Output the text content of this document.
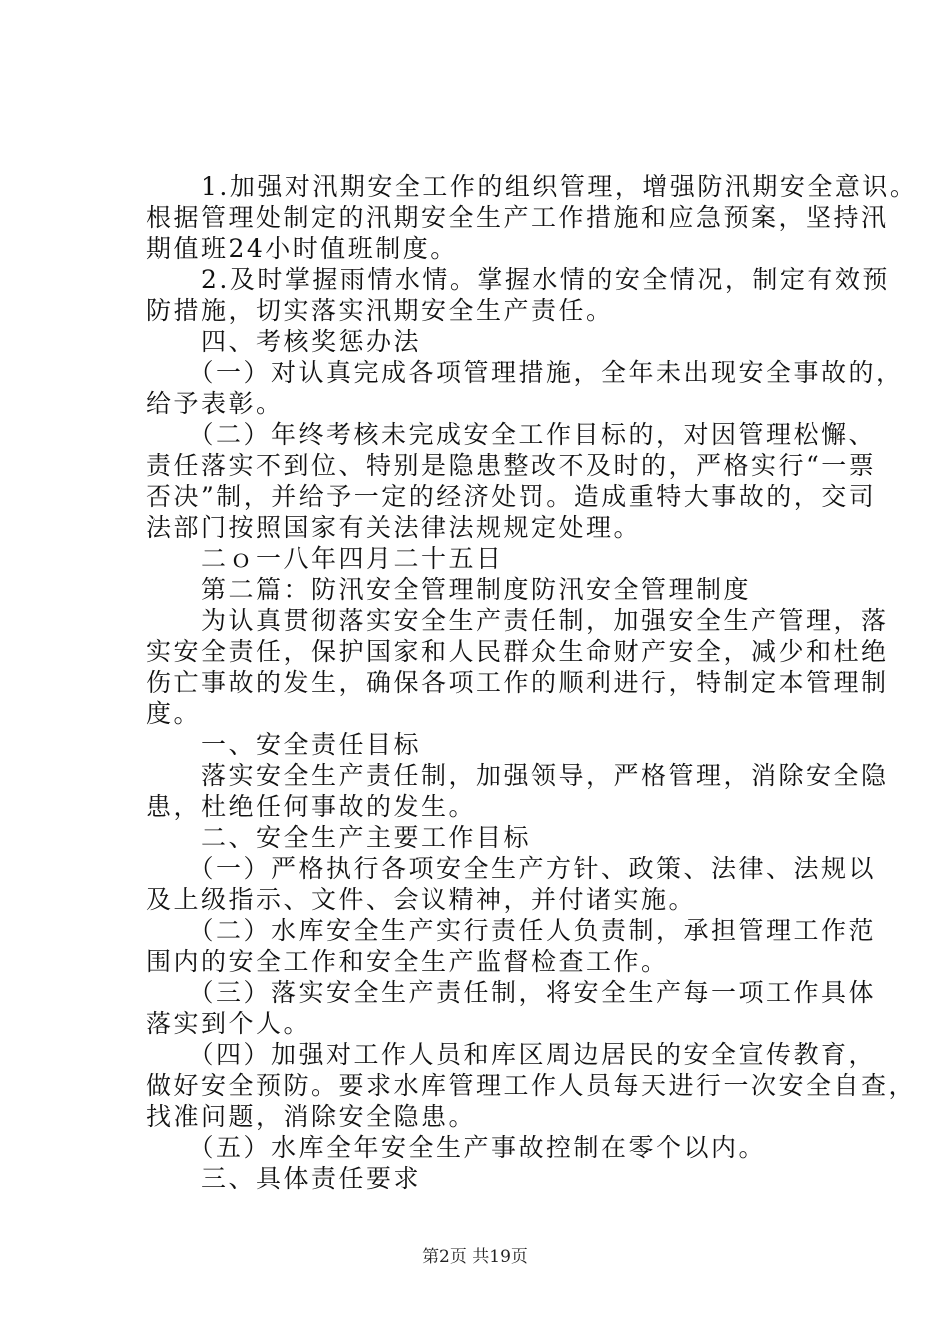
　　1.加强对汛期安全工作的组织管理，增强防汛期安全意识。
根据管理处制定的汛期安全生产工作措施和应急预案，坚持汛
期值班24小时值班制度。
　　2.及时掌握雨情水情。掌握水情的安全情况，制定有效预
防措施，切实落实汛期安全生产责任。
　　四、考核奖惩办法
　　（一）对认真完成各项管理措施，全年未出现安全事故的，
给予表彰。
　　（二）年终考核未完成安全工作目标的，对因管理松懈、
责任落实不到位、特别是隐患整改不及时的，严格实行“一票
否决”制，并给予一定的经济处罚。造成重特大事故的，交司
法部门按照国家有关法律法规规定处理。
　　二ｏ一八年四月二十五日
　　第二篇：防汛安全管理制度防汛安全管理制度
　　为认真贯彻落实安全生产责任制，加强安全生产管理，落
实安全责任，保护国家和人民群众生命财产安全，减少和杜绝
伤亡事故的发生，确保各项工作的顺利进行，特制定本管理制
度。
　　一、安全责任目标
　　落实安全生产责任制，加强领导，严格管理，消除安全隐
患，杜绝任何事故的发生。
　　二、安全生产主要工作目标
　　（一）严格执行各项安全生产方针、政策、法律、法规以
及上级指示、文件、会议精神，并付诸实施。
　　（二）水库安全生产实行责任人负责制，承担管理工作范
围内的安全工作和安全生产监督检查工作。
　　（三）落实安全生产责任制，将安全生产每一项工作具体
落实到个人。
　　（四）加强对工作人员和库区周边居民的安全宣传教育，
做好安全预防。要求水库管理工作人员每天进行一次安全自查，
找准问题，消除安全隐患。
　　（五）水库全年安全生产事故控制在零个以内。
　　三、具体责任要求
第2页 共19页
